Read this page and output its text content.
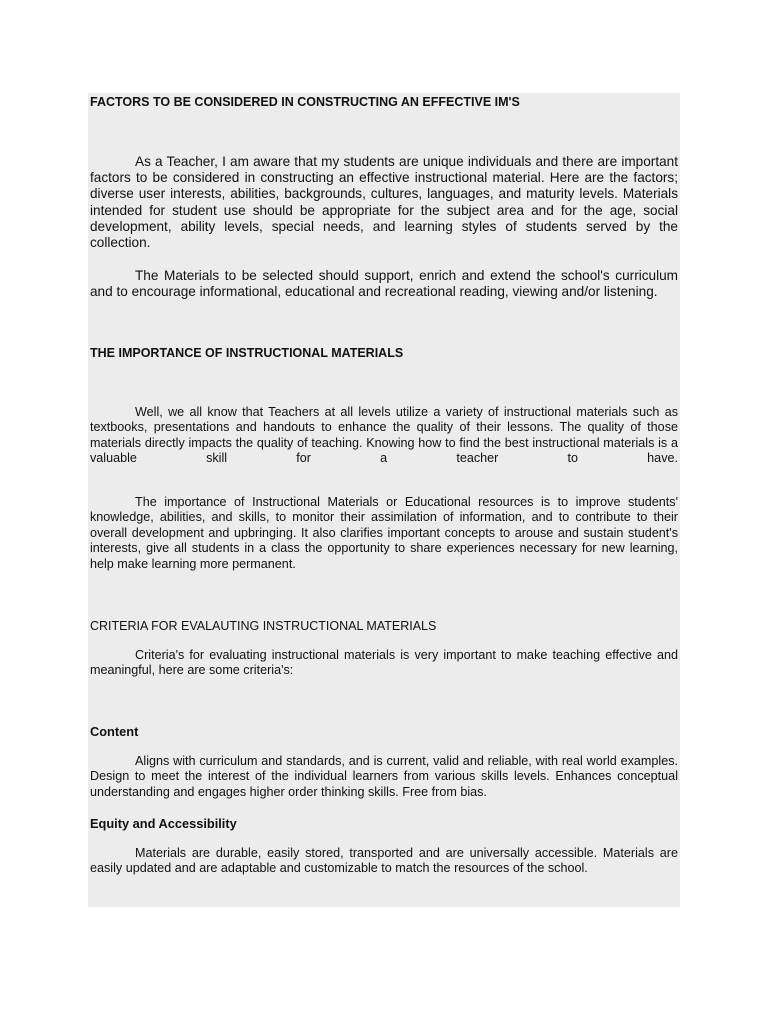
FACTORS TO BE CONSIDERED IN CONSTRUCTING AN EFFECTIVE IM'S

As a Teacher, I am aware that my students are unique individuals and there are important factors to be considered in constructing an effective instructional material. Here are the factors; diverse user interests, abilities, backgrounds, cultures, languages, and maturity levels. Materials intended for student use should be appropriate for the subject area and for the age, social development, ability levels, special needs, and learning styles of students served by the collection.

The Materials to be selected should support, enrich and extend the school's curriculum and to encourage informational, educational and recreational reading, viewing and/or listening.

THE IMPORTANCE OF INSTRUCTIONAL MATERIALS

Well, we all know that Teachers at all levels utilize a variety of instructional materials such as textbooks, presentations and handouts to enhance the quality of their lessons. The quality of those materials directly impacts the quality of teaching. Knowing how to find the best instructional materials is a valuable skill for a teacher to have.

The importance of Instructional Materials or Educational resources is to improve students' knowledge, abilities, and skills, to monitor their assimilation of information, and to contribute to their overall development and upbringing. It also clarifies important concepts to arouse and sustain student's interests, give all students in a class the opportunity to share experiences necessary for new learning, help make learning more permanent.

CRITERIA FOR EVALAUTING INSTRUCTIONAL MATERIALS

Criteria's for evaluating instructional materials is very important to make teaching effective and meaningful, here are some criteria's:

Content

Aligns with curriculum and standards, and is current, valid and reliable, with real world examples. Design to meet the interest of the individual learners from various skills levels. Enhances conceptual understanding and engages higher order thinking skills. Free from bias.

Equity and Accessibility

Materials are durable, easily stored, transported and are universally accessible. Materials are easily updated and are adaptable and customizable to match the resources of the school.
